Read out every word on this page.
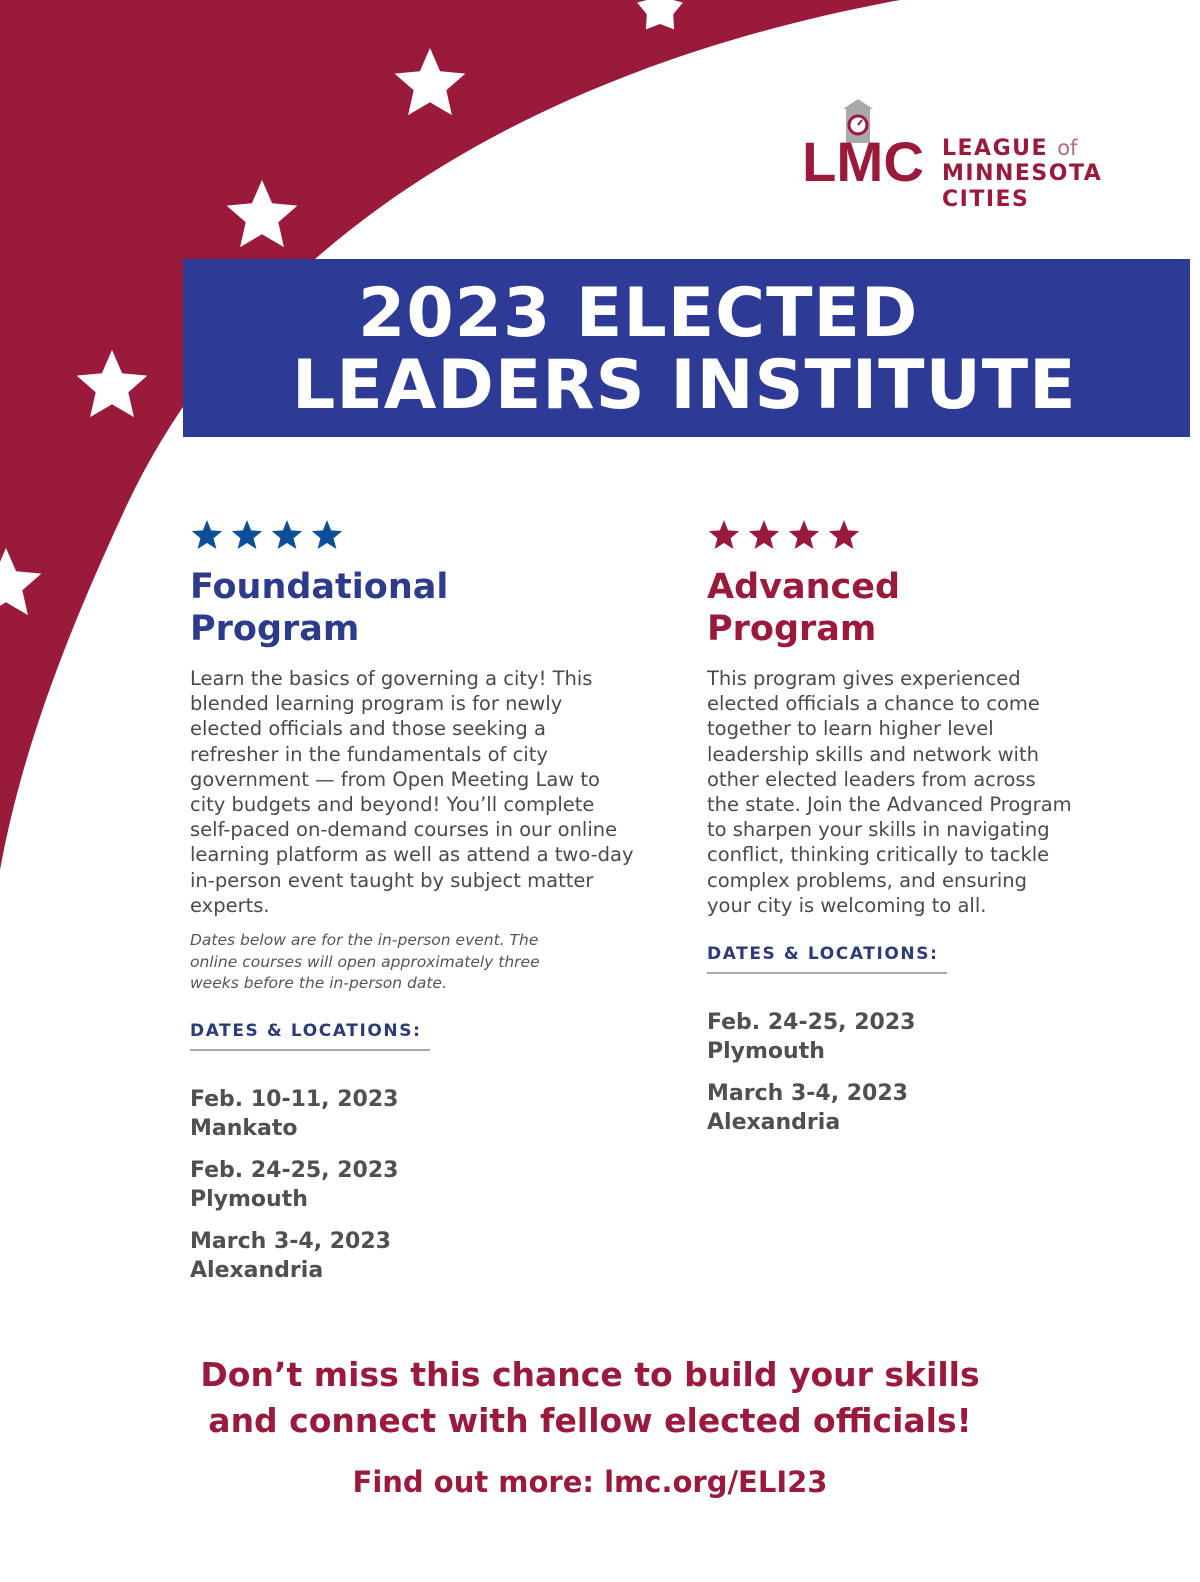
LMC LEAGUE of
MINNESOTA
CITIES
2023 ELECTED
LEADERS INSTITUTE
Foundational
Program

Learn the basics of governing a city! This blended learning program is for newly elected officials and those seeking a refresher in the fundamentals of city government — from Open Meeting Law to city budgets and beyond! You’ll complete self-paced on-demand courses in our online learning platform as well as attend a two-day in-person event taught by subject matter experts.

Dates below are for the in-person event. The online courses will open approximately three weeks before the in-person date.

DATES & LOCATIONS:
Feb. 10-11, 2023
Mankato
Feb. 24-25, 2023
Plymouth
March 3-4, 2023
Alexandria
Advanced
Program

This program gives experienced elected officials a chance to come together to learn higher level leadership skills and network with other elected leaders from across the state. Join the Advanced Program to sharpen your skills in navigating conflict, thinking critically to tackle complex problems, and ensuring your city is welcoming to all.

DATES & LOCATIONS:
Feb. 24-25, 2023
Plymouth
March 3-4, 2023
Alexandria

Don’t miss this chance to build your skills
and connect with fellow elected officials!

Find out more: lmc.org/ELI23
